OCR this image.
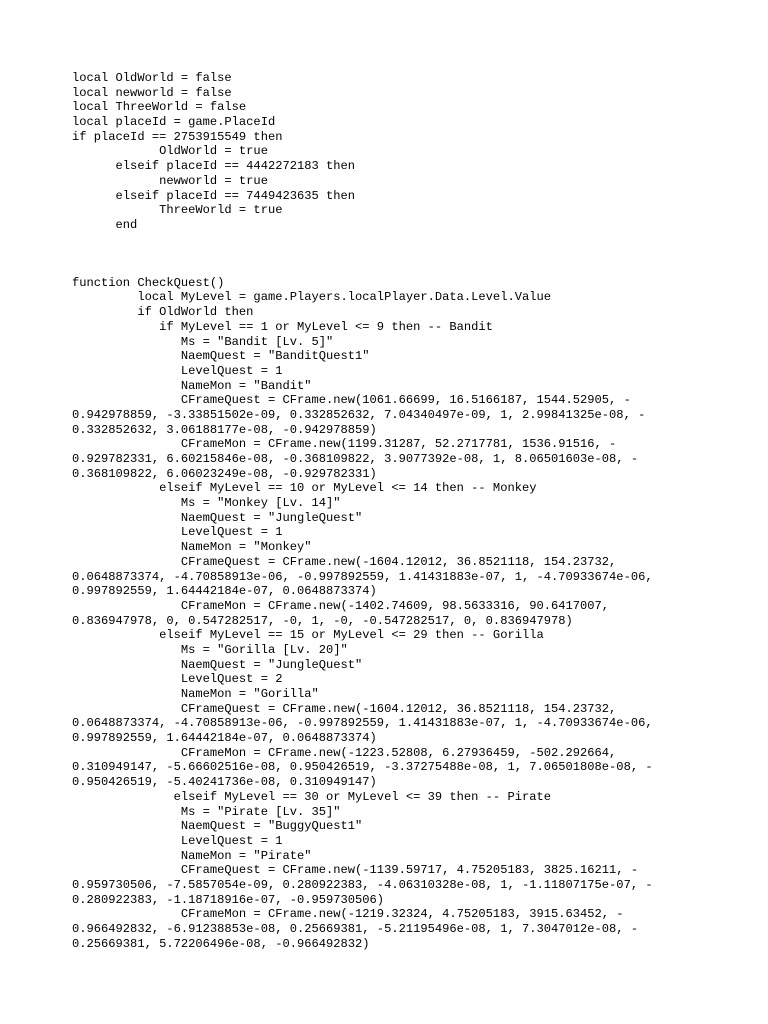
local OldWorld = false
local newworld = false
local ThreeWorld = false
local placeId = game.PlaceId
if placeId == 2753915549 then
OldWorld = true
elseif placeId == 4442272183 then
newworld = true
elseif placeId == 7449423635 then
ThreeWorld = true
end
function CheckQuest()
local MyLevel = game.Players.localPlayer.Data.Level.Value
if OldWorld then
if MyLevel == 1 or MyLevel <= 9 then -- Bandit
Ms = "Bandit [Lv. 5]"
NaemQuest = "BanditQuest1"
LevelQuest = 1
NameMon = "Bandit"
CFrameQuest = CFrame.new(1061.66699, 16.5166187, 1544.52905, -
0.942978859, -3.33851502e-09, 0.332852632, 7.04340497e-09, 1, 2.99841325e-08, -
0.332852632, 3.06188177e-08, -0.942978859)
CFrameMon = CFrame.new(1199.31287, 52.2717781, 1536.91516, -
0.929782331, 6.60215846e-08, -0.368109822, 3.9077392e-08, 1, 8.06501603e-08, -
0.368109822, 6.06023249e-08, -0.929782331)
elseif MyLevel == 10 or MyLevel <= 14 then -- Monkey
Ms = "Monkey [Lv. 14]"
NaemQuest = "JungleQuest"
LevelQuest = 1
NameMon = "Monkey"
CFrameQuest = CFrame.new(-1604.12012, 36.8521118, 154.23732,
0.0648873374, -4.70858913e-06, -0.997892559, 1.41431883e-07, 1, -4.70933674e-06,
0.997892559, 1.64442184e-07, 0.0648873374)
CFrameMon = CFrame.new(-1402.74609, 98.5633316, 90.6417007,
0.836947978, 0, 0.547282517, -0, 1, -0, -0.547282517, 0, 0.836947978)
elseif MyLevel == 15 or MyLevel <= 29 then -- Gorilla
Ms = "Gorilla [Lv. 20]"
NaemQuest = "JungleQuest"
LevelQuest = 2
NameMon = "Gorilla"
CFrameQuest = CFrame.new(-1604.12012, 36.8521118, 154.23732,
0.0648873374, -4.70858913e-06, -0.997892559, 1.41431883e-07, 1, -4.70933674e-06,
0.997892559, 1.64442184e-07, 0.0648873374)
CFrameMon = CFrame.new(-1223.52808, 6.27936459, -502.292664,
0.310949147, -5.66602516e-08, 0.950426519, -3.37275488e-08, 1, 7.06501808e-08, -
0.950426519, -5.40241736e-08, 0.310949147)
elseif MyLevel == 30 or MyLevel <= 39 then -- Pirate
Ms = "Pirate [Lv. 35]"
NaemQuest = "BuggyQuest1"
LevelQuest = 1
NameMon = "Pirate"
CFrameQuest = CFrame.new(-1139.59717, 4.75205183, 3825.16211, -
0.959730506, -7.5857054e-09, 0.280922383, -4.06310328e-08, 1, -1.11807175e-07, -
0.280922383, -1.18718916e-07, -0.959730506)
CFrameMon = CFrame.new(-1219.32324, 4.75205183, 3915.63452, -
0.966492832, -6.91238853e-08, 0.25669381, -5.21195496e-08, 1, 7.3047012e-08, -
0.25669381, 5.72206496e-08, -0.966492832)
